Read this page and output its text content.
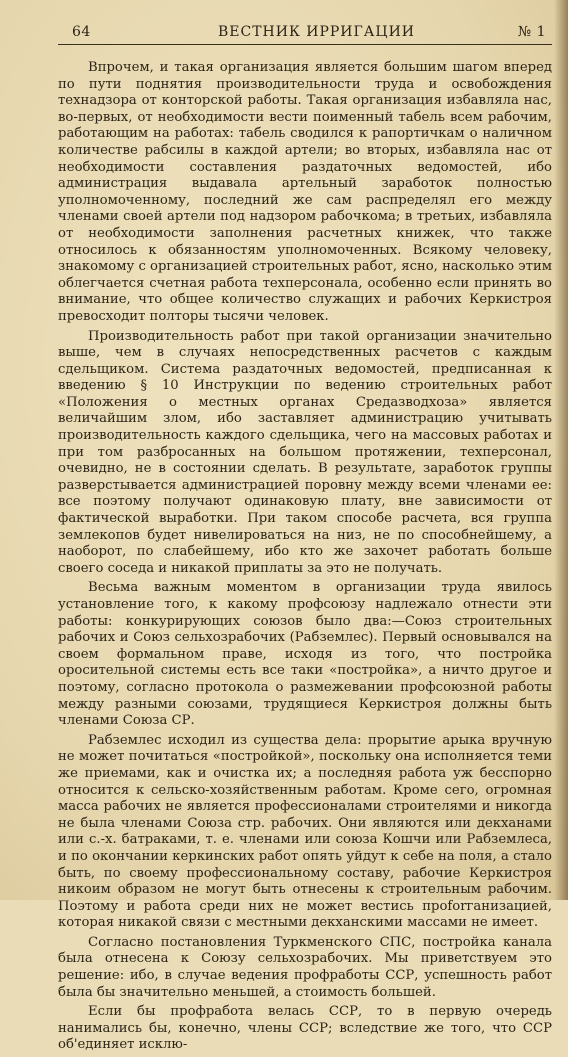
64	ВЕСТНИК ИРРИГАЦИИ	№ 1

Впрочем, и такая организация является большим шагом вперед по пути поднятия производительности труда и освобождения технадзора от конторской работы. Такая организация избавляла нас, во-первых, от необходимости вести поименный табель всем рабочим, работающим на работах: табель сводился к рапортичкам о наличном количестве рабсилы в каждой артели; во вторых, избавляла нас от необходимости составления раздаточных ведомостей, ибо администрация выдавала артельный заработок полностью уполномоченному, последний же сам распределял его между членами своей артели под надзором рабочкома; в третьих, избавляла от необходимости заполнения расчетных книжек, что также относилось к обязанностям уполномоченных. Всякому человеку, знакомому с организацией строительных работ, ясно, насколько этим облегчается счетная работа техперсонала, особенно если принять во внимание, что общее количество служащих и рабочих Керкистроя превосходит полторы тысячи человек.

Производительность работ при такой организации значительно выше, чем в случаях непосредственных расчетов с каждым сдельщиком. Система раздаточных ведомостей, предписанная к введению § 10 Инструкции по ведению строительных работ «Положения о местных органах Средазводхоза» является величайшим злом, ибо заставляет администрацию учитывать производительность каждого сдельщика, чего на массовых работах и при том разбросанных на большом протяжении, техперсонал, очевидно, не в состоянии сделать. В результате, заработок группы разверстывается администрацией поровну между всеми членами ее: все поэтому получают одинаковую плату, вне зависимости от фактической выработки. При таком способе расчета, вся группа землекопов будет нивелироваться на низ, не по способнейшему, а наоборот, по слабейшему, ибо кто же захочет работать больше своего соседа и никакой приплаты за это не получать.

Весьма важным моментом в организации труда явилось установление того, к какому профсоюзу надлежало отнести эти работы: конкурирующих союзов было два:—Союз строительных рабочих и Союз сельхозрабочих (Рабземлес). Первый основывался на своем формальном праве, исходя из того, что постройка оросительной системы есть все таки «постройка», а ничто другое и поэтому, согласно протокола о размежевании профсоюзной работы между разными союзами, трудящиеся Керкистроя должны быть членами Союза СР.

Рабземлес исходил из существа дела: прорытие арыка вручную не может почитаться «постройкой», поскольку она исполняется теми же приемами, как и очистка их; а последняя работа уж бесспорно относится к сельско-хозяйственным работам. Кроме сего, огромная масса рабочих не является профессионалами строителями и никогда не была членами Союза стр. рабочих. Они являются или декханами или с.-х. батраками, т. е. членами или союза Кошчи или Рабземлеса, и по окончании керкинских работ опять уйдут к себе на поля, а стало быть, по своему профессиональному составу, рабочие Керкистроя никоим образом не могут быть отнесены к строительным рабочим. Поэтому и работа среди них не может вестись проforганизацией, которая никакой связи с местными декханскими массами не имеет.

Согласно постановления Туркменского СПС, постройка канала была отнесена к Союзу сельхозрабочих. Мы приветствуем это решение: ибо, в случае ведения профработы ССР, успешность работ была бы значительно меньшей, а стоимость большей.

Если бы профработа велась ССР, то в первую очередь нанимались бы, конечно, члены ССР; вследствие же того, что ССР об'единяет исклю-
